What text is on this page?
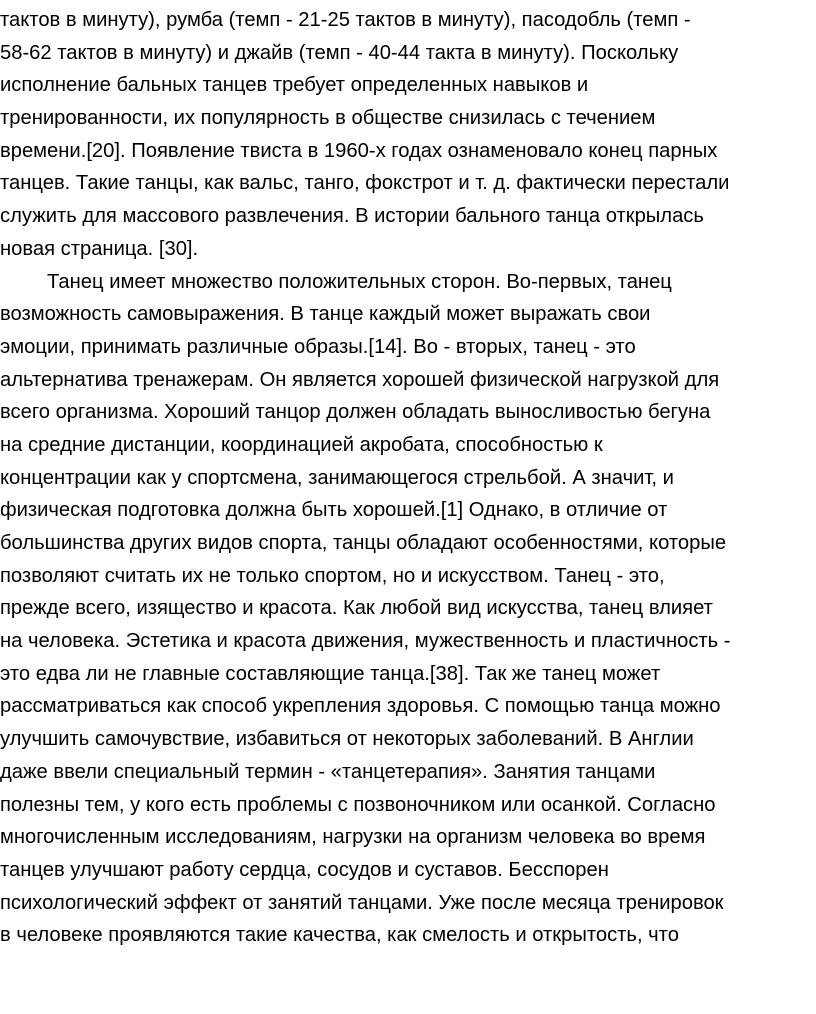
тактов в минуту), румба (темп - 21-25 тактов в минуту), пасодобль (темп -
58-62 тактов в минуту) и джайв (темп - 40-44 такта в минуту). Поскольку
исполнение бальных танцев требует определенных навыков и
тренированности, их популярность в обществе снизилась с течением
времени.[20]. Появление твиста в 1960-х годах ознаменовало конец парных
танцев. Такие танцы, как вальс, танго, фокстрот и т. д. фактически перестали
служить для массового развлечения. В истории бального танца открылась
новая страница. [30].
Танец имеет множество положительных сторон. Во-первых, танец
возможность самовыражения. В танце каждый может выражать свои
эмоции, принимать различные образы.[14]. Во - вторых, танец - это
альтернатива тренажерам. Он является хорошей физической нагрузкой для
всего организма. Хороший танцор должен обладать выносливостью бегуна
на средние дистанции, координацией акробата, способностью к
концентрации как у спортсмена, занимающегося стрельбой. А значит, и
физическая подготовка должна быть хорошей.[1] Однако, в отличие от
большинства других видов спорта, танцы обладают особенностями, которые
позволяют считать их не только спортом, но и искусством. Танец - это,
прежде всего, изящество и красота. Как любой вид искусства, танец влияет
на человека. Эстетика и красота движения, мужественность и пластичность -
это едва ли не главные составляющие танца.[38]. Так же танец может
рассматриваться как способ укрепления здоровья. С помощью танца можно
улучшить самочувствие, избавиться от некоторых заболеваний. В Англии
даже ввели специальный термин - «танцетерапия». Занятия танцами
полезны тем, у кого есть проблемы с позвоночником или осанкой. Согласно
многочисленным исследованиям, нагрузки на организм человека во время
танцев улучшают работу сердца, сосудов и суставов. Бесспорен
психологический эффект от занятий танцами. Уже после месяца тренировок
в человеке проявляются такие качества, как смелость и открытость, что
